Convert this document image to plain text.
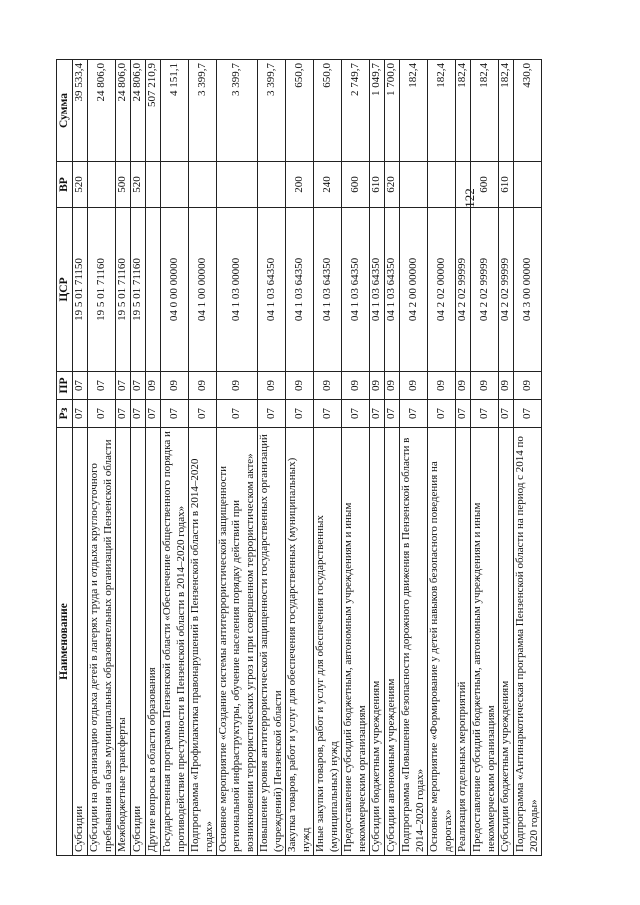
122
Наименование	Рз	ПР	ЦСР	ВР	Сумма
Субсидии	07	07	19 5 01 71150	520	39 533,4
Субсидии на организацию отдыха детей в лагерях труда и отдыха круглосуточного пребывания на базе муниципальных образовательных организаций Пензенской области	07	07	19 5 01 71160		24 806,0
Межбюджетные трансферты	07	07	19 5 01 71160	500	24 806,0
Субсидии	07	07	19 5 01 71160	520	24 806,0
Другие вопросы в области образования	07	09			507 210,9
Государственная программа Пензенской области «Обеспечение общественного порядка и противодействие преступности в Пензенской области в 2014–2020 годах»	07	09	04 0 00 00000		4 151,1
Подпрограмма «Профилактика правонарушений в Пензенской области в 2014–2020 годах»	07	09	04 1 00 00000		3 399,7
Основное мероприятие «Создание системы антитеррористической защищенности региональной инфраструктуры, обучение населения порядку действий при возникновении террористических угроз и при совершенном террористическом акте»	07	09	04 1 03 00000		3 399,7
Повышение уровня антитеррористической защищенности государственных организаций (учреждений) Пензенской области	07	09	04 1 03 64350		3 399,7
Закупка товаров, работ и услуг для обеспечения государственных (муниципальных) нужд	07	09	04 1 03 64350	200	650,0
Иные закупки товаров, работ и услуг для обеспечения государственных (муниципальных) нужд	07	09	04 1 03 64350	240	650,0
Предоставление субсидий бюджетным, автономным учреждениям и иным некоммерческим организациям	07	09	04 1 03 64350	600	2 749,7
Субсидии бюджетным учреждениям	07	09	04 1 03 64350	610	1 049,7
Субсидии автономным учреждениям	07	09	04 1 03 64350	620	1 700,0
Подпрограмма «Повышение безопасности дорожного движения в Пензенской области в 2014–2020 годах»	07	09	04 2 00 00000		182,4
Основное мероприятие «Формирование у детей навыков безопасного поведения на дорогах»	07	09	04 2 02 00000		182,4
Реализация отдельных мероприятий	07	09	04 2 02 99999		182,4
Предоставление субсидий бюджетным, автономным учреждениям и иным некоммерческим организациям	07	09	04 2 02 99999	600	182,4
Субсидии бюджетным учреждениям	07	09	04 2 02 99999	610	182,4
Подпрограмма «Антинаркотическая программа Пензенской области на период с 2014 по 2020 годы»	07	09	04 3 00 00000		430,0
